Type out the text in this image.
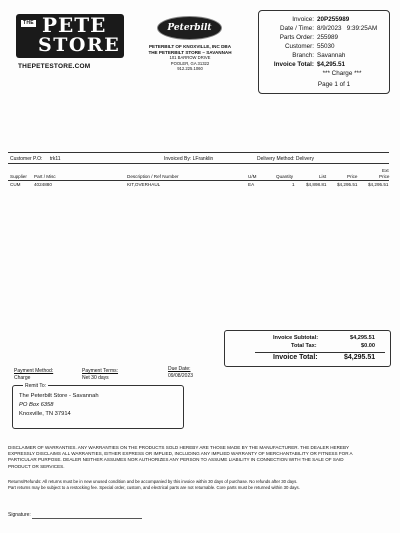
THE PETE
STORE
THEPETESTORE.COM
Peterbilt
PETERBILT OF KNOXVILLE, INC DBA
THE PETERBILT STORE – SAVANNAH
101 BARROW DRIVE
POOLER, GA 31322
912.225.1060
Invoice: 20P255989
Date / Time: 8/9/2023   9:39:25AM
Parts Order: 255989
Customer: 55030
Branch: Savannah
Invoice Total: $4,295.51
*** Charge ***
Page 1 of 1
Customer P.O: trk11	Invoiced By: LFranklin	Delivery Method: Delivery
Supplier Part / Misc	Description / Ref Number	U/M	Quantity	List	Price
Ext
Price
CUM	4024880	KIT,OVERHAUL	EA	1 $4,898.81 $4,295.51 $4,295.51
Invoice Subtotal:	$4,295.51
Total Tax:	$0.00
Invoice Total:	$4,295.51
Payment Method:
Charge
Payment Terms:
Net 30 days
Due Date:
09/08/2023
Remit To:
The Peterbilt Store - Savannah
PO Box 6358
Knoxville, TN 37914
DISCLAIMER OF WARRANTIES. ANY WARRANTIES ON THE PRODUCTS SOLD HEREBY ARE THOSE MADE BY THE MANUFACTURER. THE DEALER HEREBY
EXPRESSLY DISCLAIMS ALL WARRANTIES, EITHER EXPRESS OR IMPLIED, INCLUDING ANY IMPLIED WARRANTY OF MERCHANTABILITY OR FITNESS FOR A
PARTICULAR PURPOSE. DEALER NEITHER ASSUMES NOR AUTHORIZES ANY PERSON TO ASSUME LIABILITY IN CONNECTION WITH THE SALE OF SAID
PRODUCT OR SERVICES.
Returns/Refunds: All returns must be in new unused condition and be accompanied by this invoice within 30 days of purchase. No refunds after 30 days.
Part returns may be subject to a restocking fee. Special order, custom, and electrical parts are not returnable. Core parts must be returned within 30 days.
Signature:
